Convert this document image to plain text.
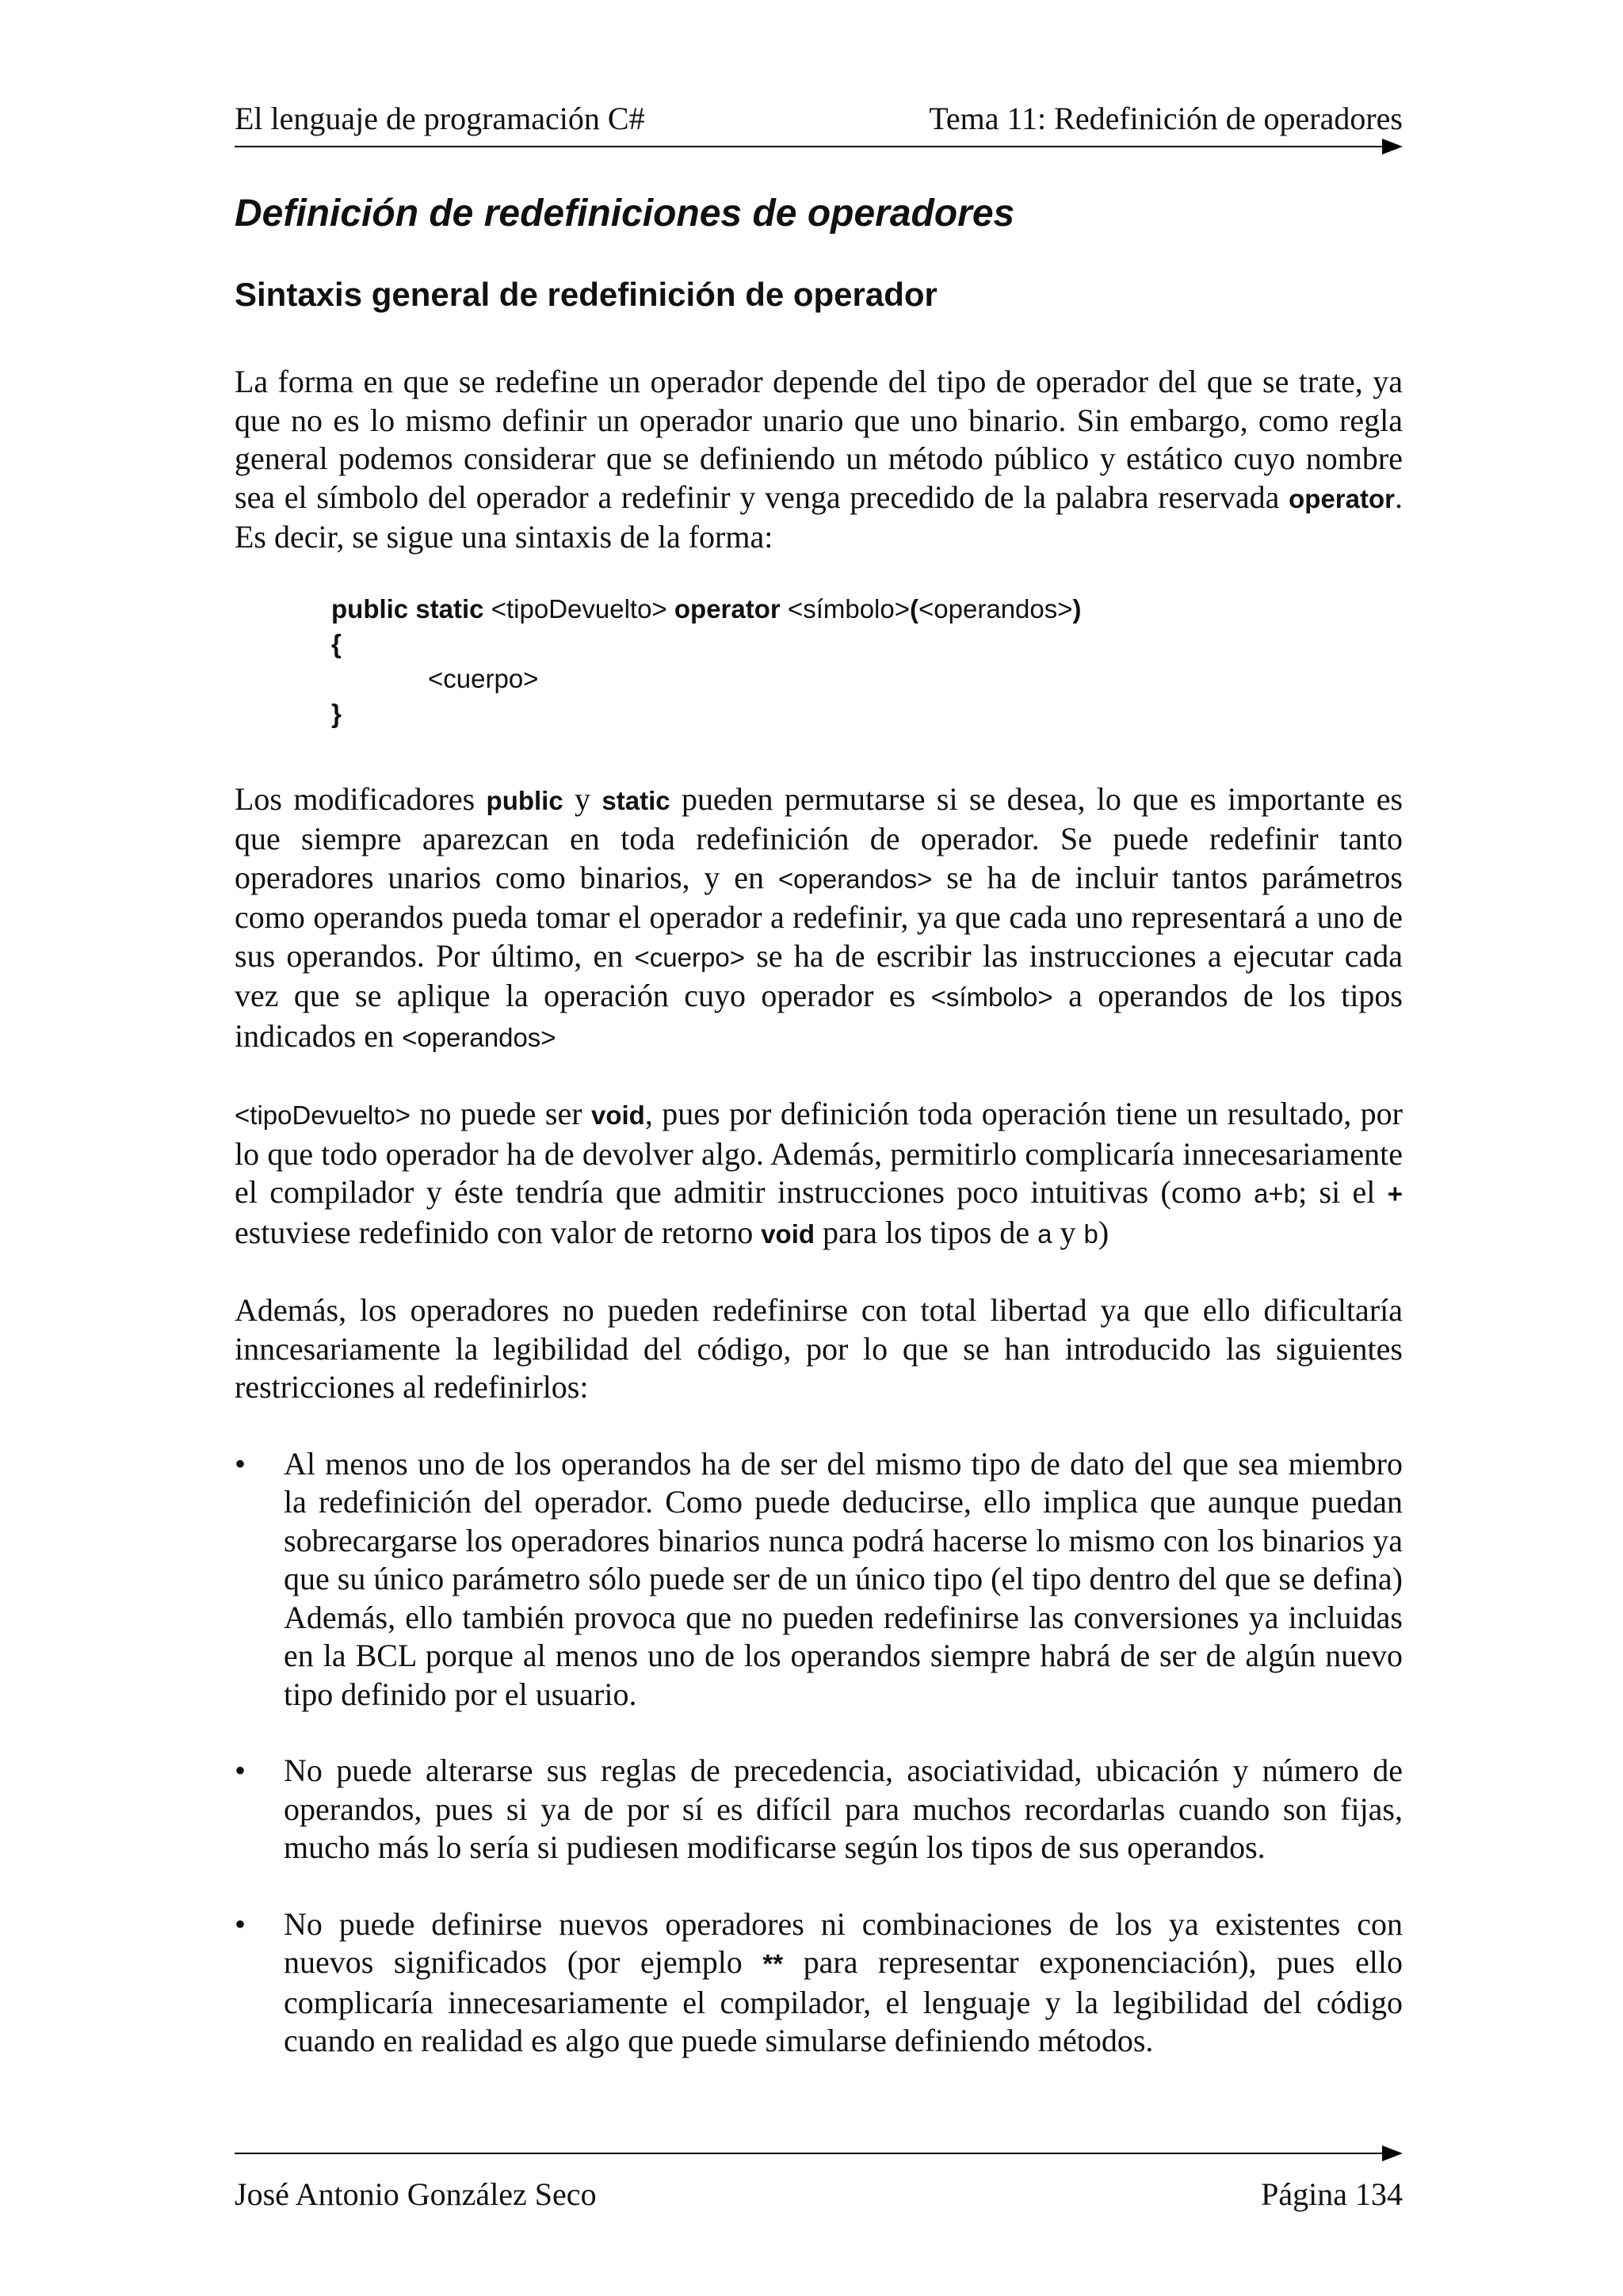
El lenguaje de programación C#	Tema 11: Redefinición de operadores
Definición de redefiniciones de operadores
Sintaxis general de redefinición de operador

La forma en que se redefine un operador depende del tipo de operador del que se trate, ya que no es lo mismo definir un operador unario que uno binario. Sin embargo, como regla general podemos considerar que se definiendo un método público y estático cuyo nombre sea el símbolo del operador a redefinir y venga precedido de la palabra reservada operator. Es decir, se sigue una sintaxis de la forma:

public static <tipoDevuelto> operator <símbolo>(<operandos>)
{
<cuerpo>
}

Los modificadores public y static pueden permutarse si se desea, lo que es importante es que siempre aparezcan en toda redefinición de operador. Se puede redefinir tanto operadores unarios como binarios, y en <operandos> se ha de incluir tantos parámetros como operandos pueda tomar el operador a redefinir, ya que cada uno representará a uno de sus operandos. Por último, en <cuerpo> se ha de escribir las instrucciones a ejecutar cada vez que se aplique la operación cuyo operador es <símbolo> a operandos de los tipos indicados en <operandos>

<tipoDevuelto> no puede ser void, pues por definición toda operación tiene un resultado, por lo que todo operador ha de devolver algo. Además, permitirlo complicaría innecesariamente el compilador y éste tendría que admitir instrucciones poco intuitivas (como a+b; si el + estuviese redefinido con valor de retorno void para los tipos de a y b)

Además, los operadores no pueden redefinirse con total libertad ya que ello dificultaría inncesariamente la legibilidad del código, por lo que se han introducido las siguientes restricciones al redefinirlos:

• Al menos uno de los operandos ha de ser del mismo tipo de dato del que sea miembro la redefinición del operador. Como puede deducirse, ello implica que aunque puedan sobrecargarse los operadores binarios nunca podrá hacerse lo mismo con los binarios ya que su único parámetro sólo puede ser de un único tipo (el tipo dentro del que se defina) Además, ello también provoca que no pueden redefinirse las conversiones ya incluidas en la BCL porque al menos uno de los operandos siempre habrá de ser de algún nuevo tipo definido por el usuario.
• No puede alterarse sus reglas de precedencia, asociatividad, ubicación y número de operandos, pues si ya de por sí es difícil para muchos recordarlas cuando son fijas, mucho más lo sería si pudiesen modificarse según los tipos de sus operandos.
• No puede definirse nuevos operadores ni combinaciones de los ya existentes con nuevos significados (por ejemplo ** para representar exponenciación), pues ello complicaría innecesariamente el compilador, el lenguaje y la legibilidad del código cuando en realidad es algo que puede simularse definiendo métodos.
José Antonio González Seco	Página 134
